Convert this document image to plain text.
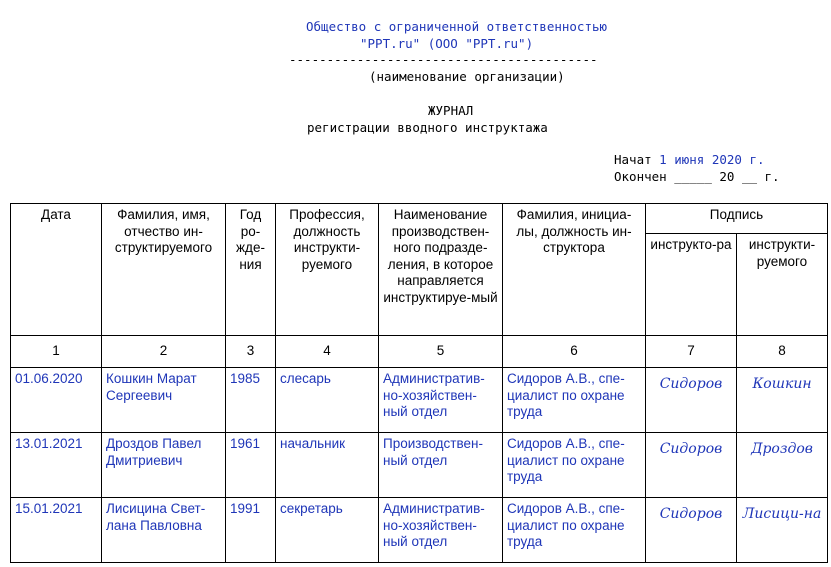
Общество с ограниченной ответственностью
"PPT.ru" (ООО "PPT.ru")
-----------------------------------------
(наименование организации)
ЖУРНАЛ
регистрации вводного инструктажа
Начат 1 июня 2020 г.
Окончен _____ 20 __ г.
Дата	Фамилия, имя, отчество ин-структируемого	Год ро-жде-ния	Профессия, должность инструкти-руемого	Наименование производствен-ного подразде-ления, в которое направляется инструктируе-мый	Фамилия, инициа-лы, должность ин-структора	Подпись	
						инструкто-ра	инструкти-руемого
1	2	3	4	5	6	7	8
01.06.2020	Кошкин Марат Сергеевич	1985	слесарь	Административ-но-хозяйствен-ный отдел	Сидоров А.В., спе-циалист по охране труда	Сидоров	Кошкин
13.01.2021	Дроздов Павел Дмитриевич	1961	начальник	Производствен-ный отдел	Сидоров А.В., спе-циалист по охране труда	Сидоров	Дроздов
15.01.2021	Лисицина Свет-лана Павловна	1991	секретарь	Административ-но-хозяйствен-ный отдел	Сидоров А.В., спе-циалист по охране труда	Сидоров	Лисици-на
